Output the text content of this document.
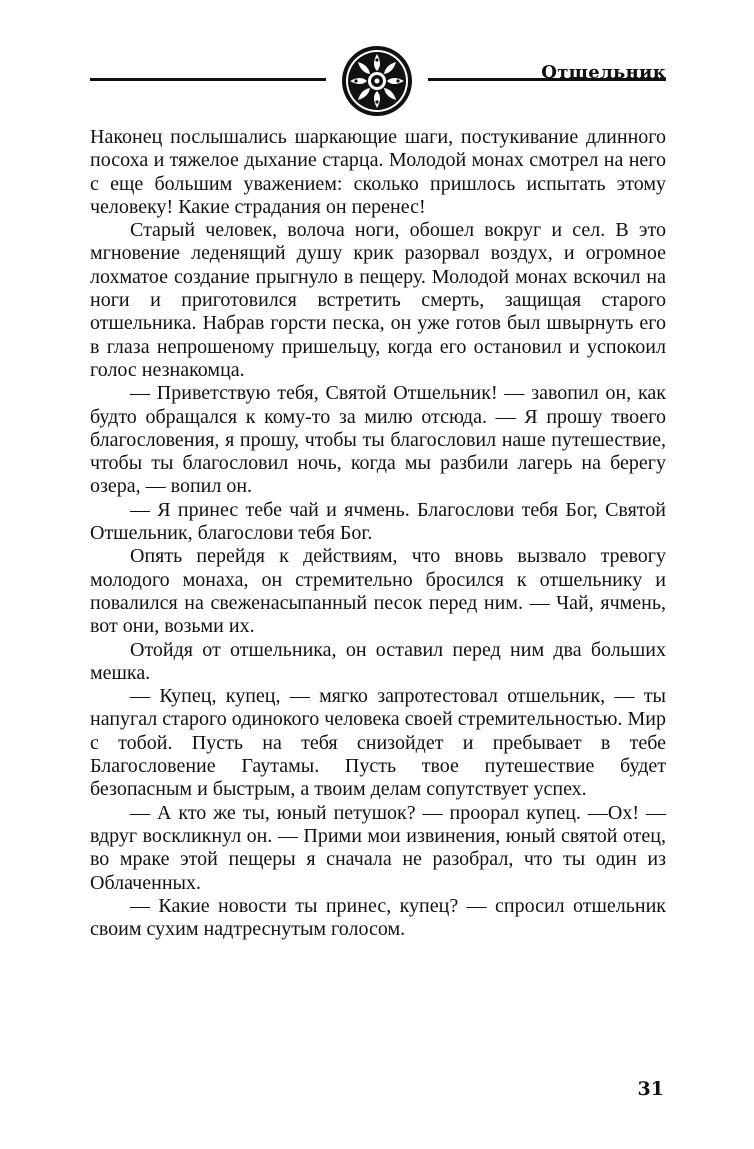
Отшельник

Наконец послышались шаркающие шаги, постукивание длинного посоха и тяжелое дыхание старца. Молодой монах смотрел на него с еще большим уважением: сколько пришлось испытать этому человеку! Какие страдания он перенес!

Старый человек, волоча ноги, обошел вокруг и сел. В это мгновение леденящий душу крик разорвал воздух, и огромное лохматое создание прыгнуло в пещеру. Молодой монах вскочил на ноги и приготовился встретить смерть, защищая старого отшельника. Набрав горсти песка, он уже готов был швырнуть его в глаза непрошеному пришельцу, когда его остановил и успокоил голос незнакомца.

— Приветствую тебя, Святой Отшельник! — завопил он, как будто обращался к кому-то за милю отсюда. — Я прошу твоего благословения, я прошу, чтобы ты благословил наше путешествие, чтобы ты благословил ночь, когда мы разбили лагерь на берегу озера, — вопил он.

— Я принес тебе чай и ячмень. Благослови тебя Бог, Святой Отшельник, благослови тебя Бог.

Опять перейдя к действиям, что вновь вызвало тревогу молодого монаха, он стремительно бросился к отшельнику и повалился на свеженасыпанный песок перед ним. — Чай, ячмень, вот они, возьми их.

Отойдя от отшельника, он оставил перед ним два больших мешка.

— Купец, купец, — мягко запротестовал отшельник, — ты напугал старого одинокого человека своей стремительностью. Мир с тобой. Пусть на тебя снизойдет и пребывает в тебе Благословение Гаутамы. Пусть твое путешествие будет безопасным и быстрым, а твоим делам сопутствует успех.

— А кто же ты, юный петушок? — проорал купец. —Ох! — вдруг воскликнул он. — Прими мои извинения, юный святой отец, во мраке этой пещеры я сначала не разобрал, что ты один из Облаченных.

— Какие новости ты принес, купец? — спросил отшельник своим сухим надтреснутым голосом.

31
